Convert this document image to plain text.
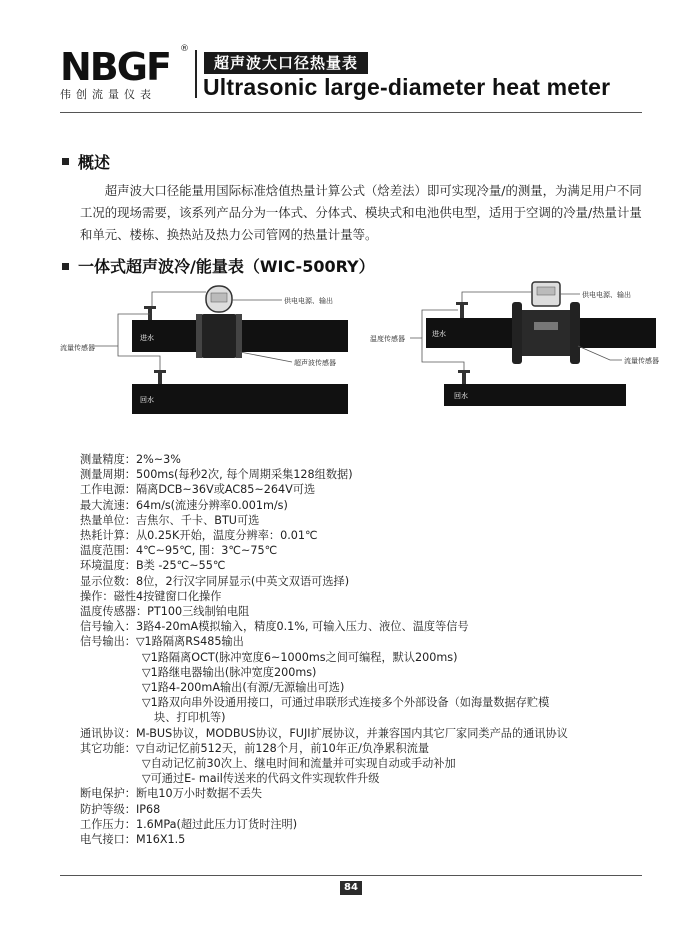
NBGF ®
伟创流量仪表
超声波大口径热量表
Ultrasonic large-diameter heat meter
概述
超声波大口径能量用国际标准焓值热量计算公式（焓差法）即可实现冷量/的测量，为满足用户不同工况的现场需要，该系列产品分为一体式、分体式、模块式和电池供电型，适用于空调的冷量/热量计量和单元、楼栋、换热站及热力公司管网的热量计量等。
一体式超声波冷/能量表（WIC-500RY）
进水
回水
供电电源、输出
流量传感器
超声波传感器
进水
回水
供电电源、输出
温度传感器
流量传感器
测量精度： 2%~3%
测量周期： 500ms(每秒2次, 每个周期采集128组数据)
工作电源： 隔离DCB~36V或AC85~264V可选
最大流速： 64m/s(流速分辨率0.001m/s)
热量单位： 吉焦尔、千卡、BTU可选
热耗计算： 从0.25K开始，温度分辨率：0.01℃
温度范围： 4℃~95℃, 围：3℃~75℃
环境温度： B类 -25℃~55℃
显示位数： 8位，2行汉字同屏显示(中英文双语可选择)
操作： 磁性4按键窗口化操作
温度传感器： PT100三线制铂电阻
信号输入： 3路4-20mA模拟输入，精度0.1%, 可输入压力、液位、温度等信号
信号输出： ▽1路隔离RS485输出
▽1路隔离OCT(脉冲宽度6~1000ms之间可编程，默认200ms)
▽1路继电器输出(脉冲宽度200ms)
▽1路4-200mA输出(有源/无源输出可选)
▽1路双向串外设通用接口，可通过串联形式连接多个外部设备（如海量数据存贮模
块、打印机等)
通讯协议： M-BUS协议，MODBUS协议，FUJI扩展协议，并兼容国内其它厂家同类产品的通讯协议
其它功能： ▽自动记忆前512天，前128个月，前10年正/负净累积流量
▽自动记忆前30次上、继电时间和流量并可实现自动或手动补加
▽可通过E- mail传送来的代码文件实现软件升级
断电保护： 断电10万小时数据不丢失
防护等级： IP68
工作压力： 1.6MPa(超过此压力订货时注明)
电气接口： M16X1.5
84
